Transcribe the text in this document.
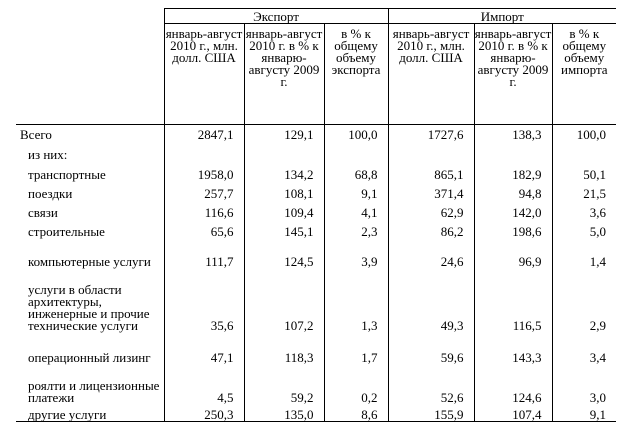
	Экспорт			Импорт		
	январь-август 2010 г., млн. долл. США	январь-август 2010 г. в % к январю-августу 2009 г.	в % к общему объему экспорта	январь-август 2010 г., млн. долл. США	январь-август 2010 г. в % к январю-августу 2009 г.	в % к общему объему импорта
Всего	2847,1	129,1	100,0	1727,6	138,3	100,0
из них:						
транспортные	1958,0	134,2	68,8	865,1	182,9	50,1
поездки	257,7	108,1	9,1	371,4	94,8	21,5
связи	116,6	109,4	4,1	62,9	142,0	3,6
строительные	65,6	145,1	2,3	86,2	198,6	5,0
компьютерные услуги	111,7	124,5	3,9	24,6	96,9	1,4
услуги в области архитектуры, инженерные и прочие технические услуги	35,6	107,2	1,3	49,3	116,5	2,9
операционный лизинг	47,1	118,3	1,7	59,6	143,3	3,4
роялти и лицензионные платежи	4,5	59,2	0,2	52,6	124,6	3,0
другие услуги	250,3	135,0	8,6	155,9	107,4	9,1
